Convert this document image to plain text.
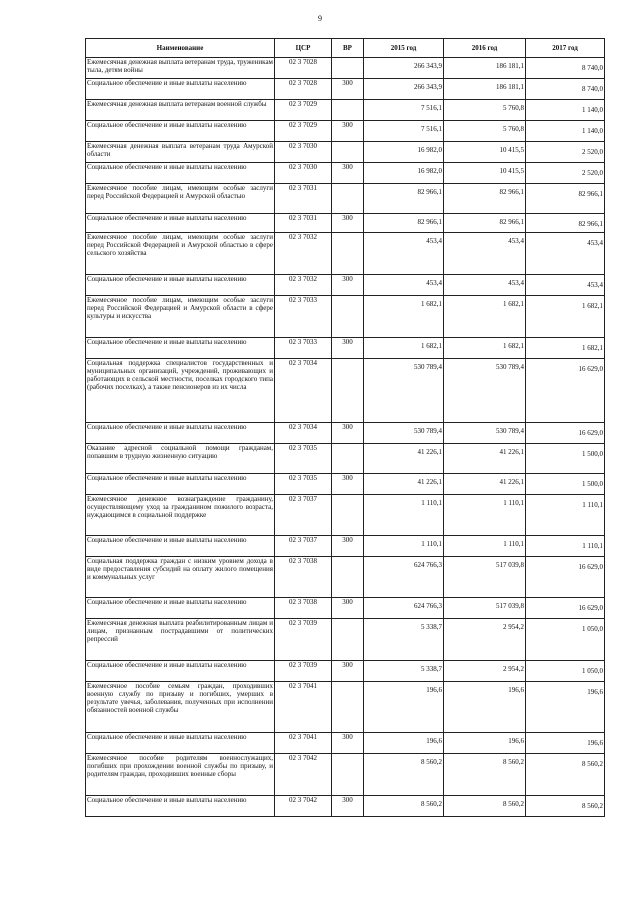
9
Наименование	ЦСР	ВР	2015 год	2016 год	2017 год
Ежемесячная денежная выплата ветеранам труда, труженикам тыла, детям войны	02 3 7028		266 343,9	186 181,1	8 740,0
Социальное обеспечение и иные выплаты населению	02 3 7028	300	266 343,9	186 181,1	8 740,0
Ежемесячная денежная выплата ветеранам военной службы	02 3 7029		7 516,1	5 760,8	1 140,0
Социальное обеспечение и иные выплаты населению	02 3 7029	300	7 516,1	5 760,8	1 140,0
Ежемесячная денежная выплата ветеранам труда Амурской области	02 3 7030		16 982,0	10 415,5	2 520,0
Социальное обеспечение и иные выплаты населению	02 3 7030	300	16 982,0	10 415,5	2 520,0
Ежемесячное пособие лицам, имеющим особые заслуги перед Российской Федерацией и Амурской областью	02 3 7031		82 966,1	82 966,1	82 966,1
Социальное обеспечение и иные выплаты населению	02 3 7031	300	82 966,1	82 966,1	82 966,1
Ежемесячное пособие лицам, имеющим особые заслуги перед Российской Федерацией и Амурской областью в сфере сельского хозяйства	02 3 7032		453,4	453,4	453,4
Социальное обеспечение и иные выплаты населению	02 3 7032	300	453,4	453,4	453,4
Ежемесячное пособие лицам, имеющим особые заслуги перед Российской Федерацией и Амурской области в сфере культуры и искусства	02 3 7033		1 682,1	1 682,1	1 682,1
Социальное обеспечение и иные выплаты населению	02 3 7033	300	1 682,1	1 682,1	1 682,1
Социальная поддержка специалистов государственных и муниципальных организаций, учреждений, проживающих и работающих в сельской местности, поселках городского типа (рабочих поселках), а также пенсионеров из их числа	02 3 7034		530 789,4	530 789,4	16 629,0
Социальное обеспечение и иные выплаты населению	02 3 7034	300	530 789,4	530 789,4	16 629,0
Оказание адресной социальной помощи гражданам, попавшим в трудную жизненную ситуацию	02 3 7035		41 226,1	41 226,1	1 500,0
Социальное обеспечение и иные выплаты населению	02 3 7035	300	41 226,1	41 226,1	1 500,0
Ежемесячное денежное вознаграждение гражданину, осуществляющему уход за гражданином пожилого возраста, нуждающимся в социальной поддержке	02 3 7037		1 110,1	1 110,1	1 110,1
Социальное обеспечение и иные выплаты населению	02 3 7037	300	1 110,1	1 110,1	1 110,1
Социальная поддержка граждан с низким уровнем дохода в виде предоставления субсидий на оплату жилого помещения и коммунальных услуг	02 3 7038		624 766,3	517 039,8	16 629,0
Социальное обеспечение и иные выплаты населению	02 3 7038	300	624 766,3	517 039,8	16 629,0
Ежемесячная денежная выплата реабилитированным лицам и лицам, признанным пострадавшими от политических репрессий	02 3 7039		5 338,7	2 954,2	1 050,0
Социальное обеспечение и иные выплаты населению	02 3 7039	300	5 338,7	2 954,2	1 050,0
Ежемесячное пособие семьям граждан, проходивших военную службу по призыву и погибших, умерших в результате увечья, заболевания, полученных при исполнении обязанностей военной службы	02 3 7041		196,6	196,6	196,6
Социальное обеспечение и иные выплаты населению	02 3 7041	300	196,6	196,6	196,6
Ежемесячное пособие родителям военнослужащих, погибших при прохождении военной службы по призыву, и родителям граждан, проходивших военные сборы	02 3 7042		8 560,2	8 560,2	8 560,2
Социальное обеспечение и иные выплаты населению	02 3 7042	300	8 560,2	8 560,2	8 560,2
